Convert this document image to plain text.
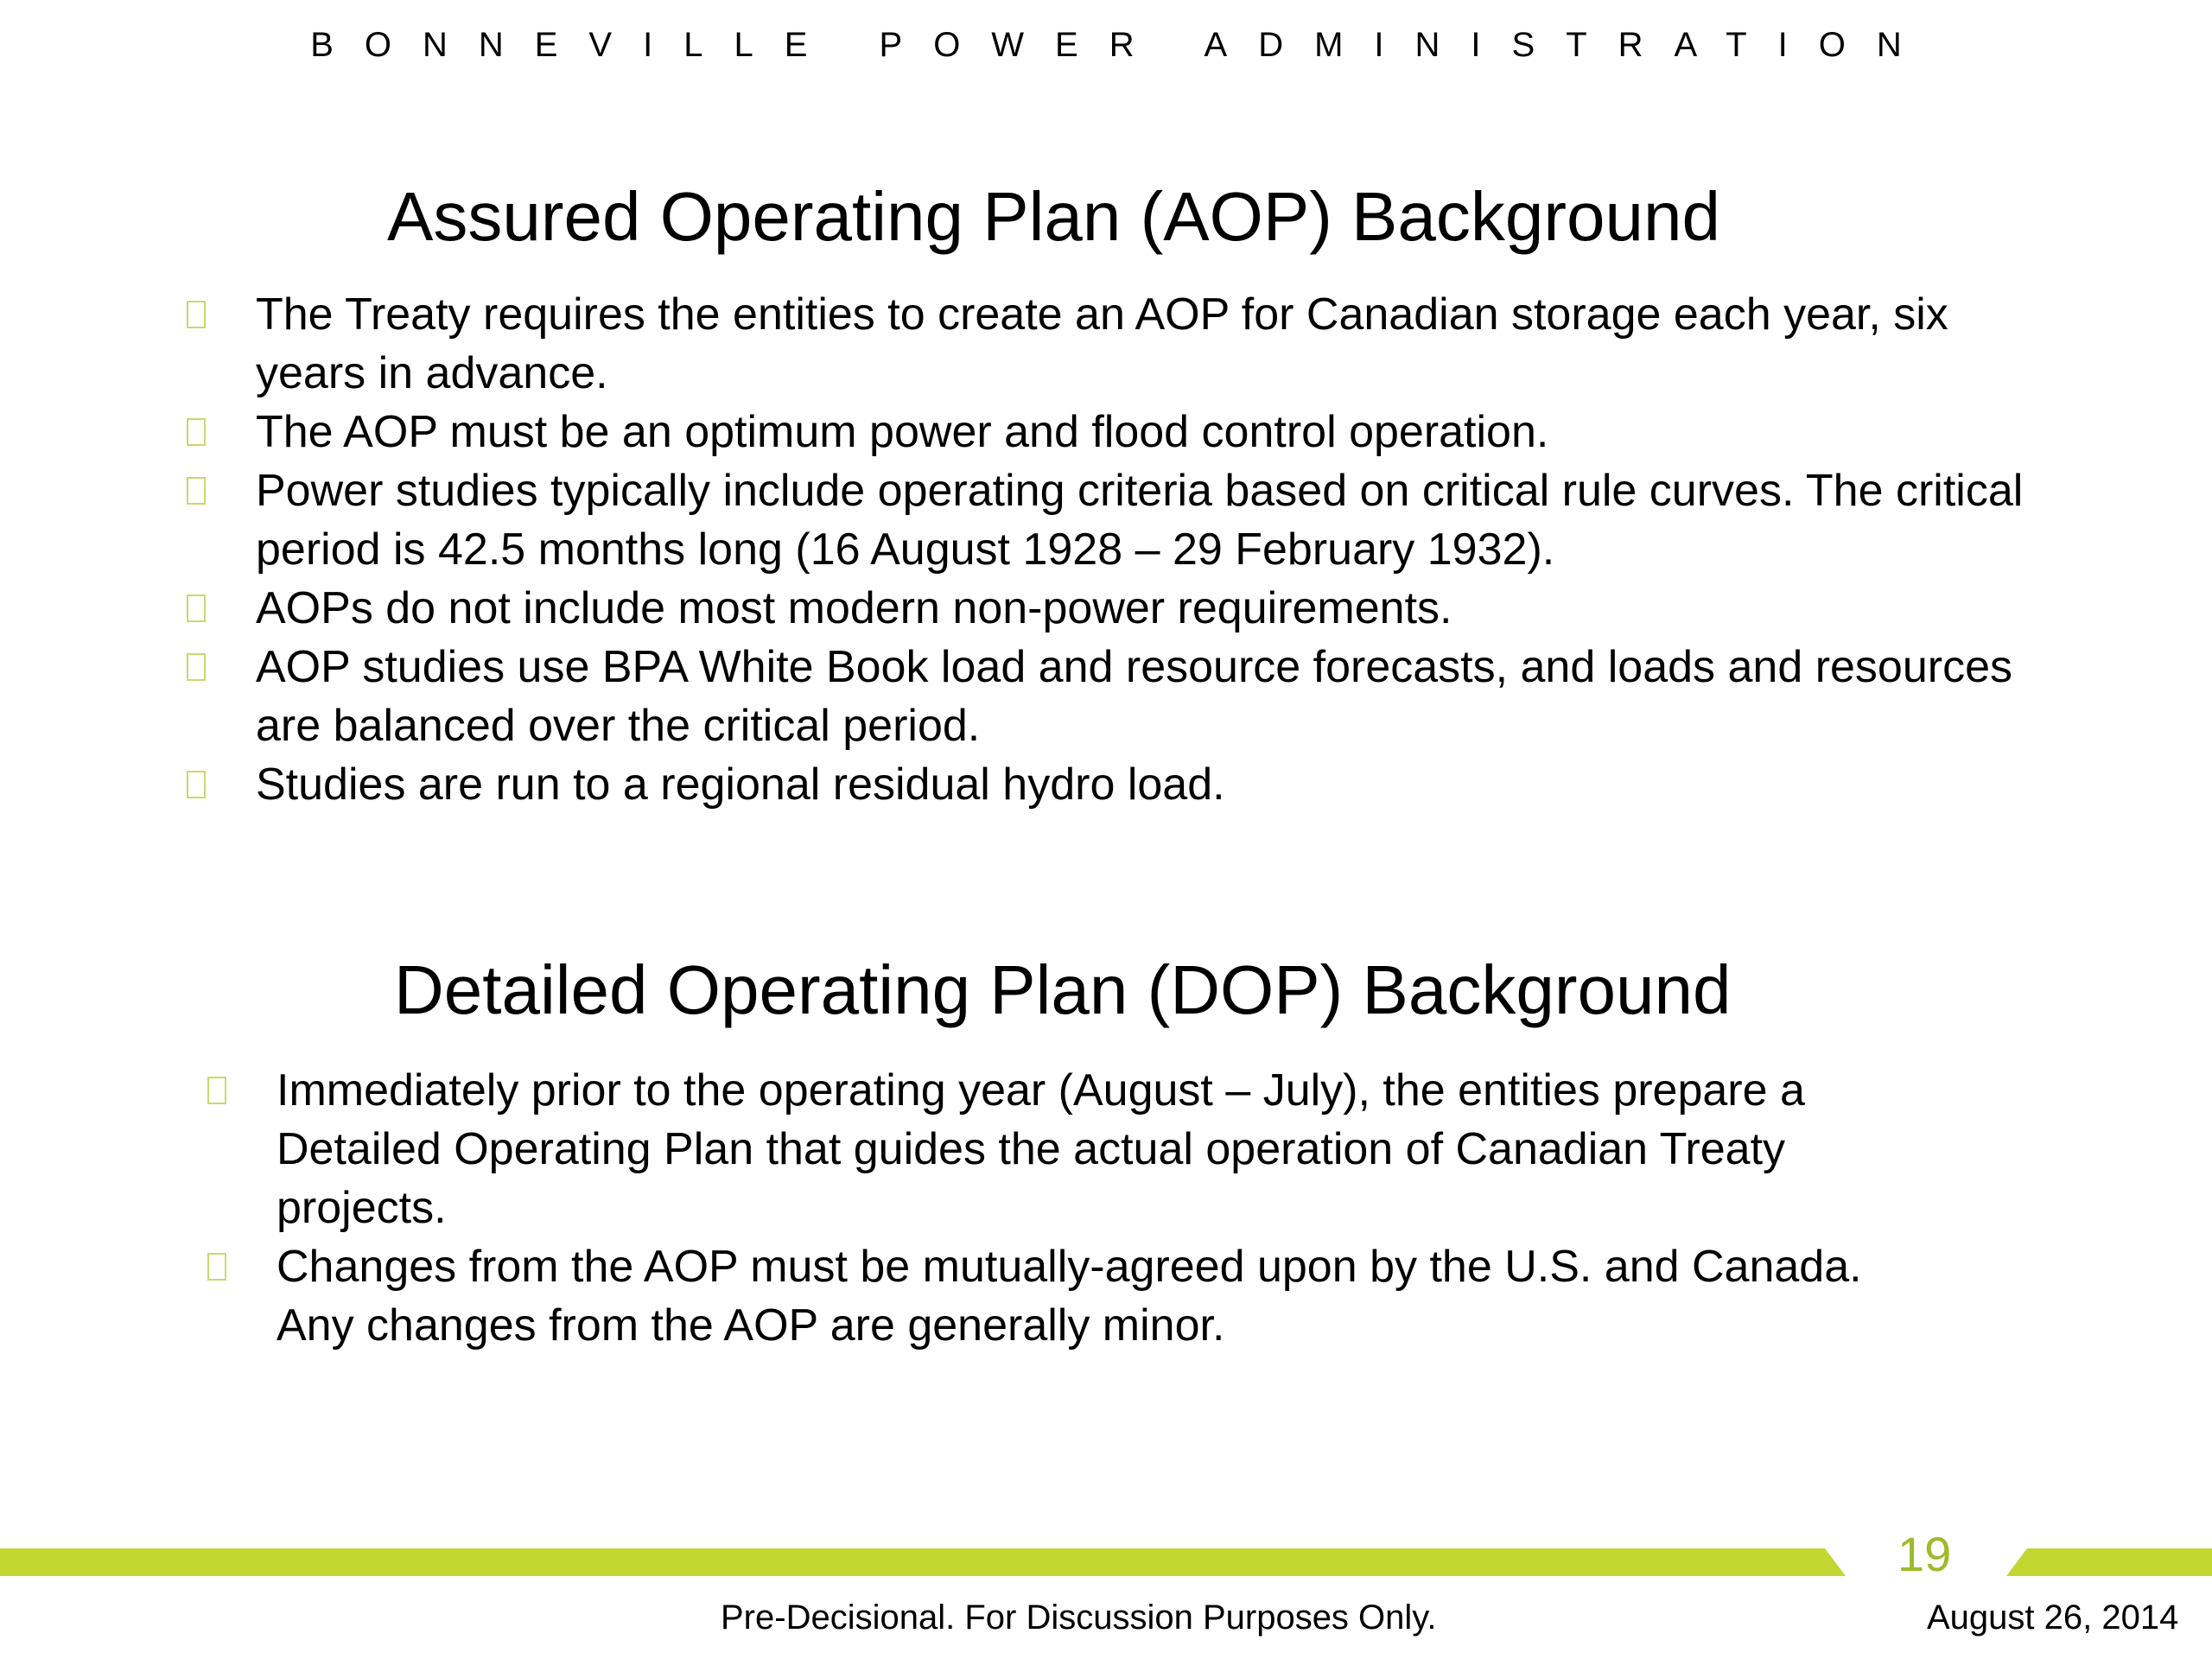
BONNEVILLE POWER ADMINISTRATION
Assured Operating Plan (AOP) Background
The Treaty requires the entities to create an AOP for Canadian storage each year, six years in advance.
The AOP must be an optimum power and flood control operation.
Power studies typically include operating criteria based on critical rule curves. The critical period is 42.5 months long (16 August 1928 – 29 February 1932).
AOPs do not include most modern non-power requirements.
AOP studies use BPA White Book load and resource forecasts, and loads and resources are balanced over the critical period.
Studies are run to a regional residual hydro load.
Detailed Operating Plan (DOP) Background
Immediately prior to the operating year (August – July), the entities prepare a Detailed Operating Plan that guides the actual operation of Canadian Treaty projects.
Changes from the AOP must be mutually-agreed upon by the U.S. and Canada. Any changes from the AOP are generally minor.
19
Pre-Decisional. For Discussion Purposes Only.	August 26, 2014
